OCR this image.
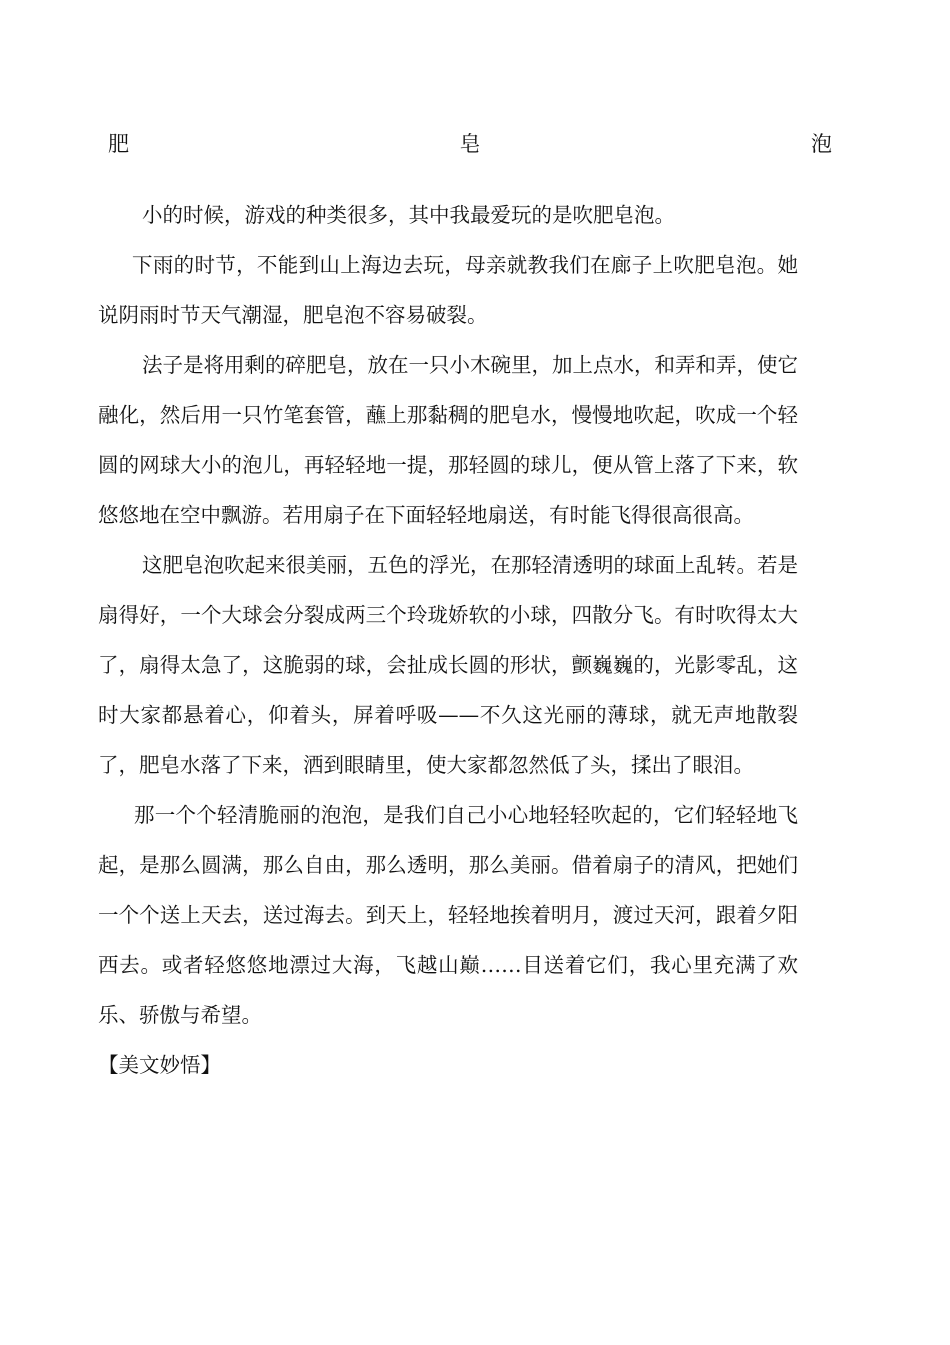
肥	皂	泡

小的时候，游戏的种类很多，其中我最爱玩的是吹肥皂泡。

下雨的时节，不能到山上海边去玩，母亲就教我们在廊子上吹肥皂泡。她说阴雨时节天气潮湿，肥皂泡不容易破裂。

法子是将用剩的碎肥皂，放在一只小木碗里，加上点水，和弄和弄，使它融化，然后用一只竹笔套管，蘸上那黏稠的肥皂水，慢慢地吹起，吹成一个轻圆的网球大小的泡儿，再轻轻地一提，那轻圆的球儿，便从管上落了下来，软悠悠地在空中飘游。若用扇子在下面轻轻地扇送，有时能飞得很高很高。

这肥皂泡吹起来很美丽，五色的浮光，在那轻清透明的球面上乱转。若是扇得好，一个大球会分裂成两三个玲珑娇软的小球，四散分飞。有时吹得太大了，扇得太急了，这脆弱的球，会扯成长圆的形状，颤巍巍的，光影零乱，这时大家都悬着心，仰着头，屏着呼吸——不久这光丽的薄球，就无声地散裂了，肥皂水落了下来，洒到眼睛里，使大家都忽然低了头，揉出了眼泪。

那一个个轻清脆丽的泡泡，是我们自己小心地轻轻吹起的，它们轻轻地飞起，是那么圆满，那么自由，那么透明，那么美丽。借着扇子的清风，把她们一个个送上天去，送过海去。到天上，轻轻地挨着明月，渡过天河，跟着夕阳西去。或者轻悠悠地漂过大海，飞越山巅……目送着它们，我心里充满了欢乐、骄傲与希望。

【美文妙悟】
